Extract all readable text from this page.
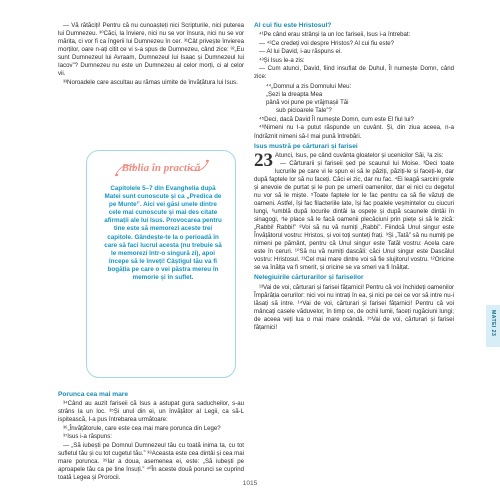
— Vă rătăciți! Pentru că nu cunoașteți nici Scripturile, nici puterea lui Dumnezeu. ³⁰Căci, la înviere, nici nu se vor însura, nici nu se vor mărita, ci vor fi ca îngerii lui Dumnezeu în cer. ³¹Cât privește învierea morților, oare n-ați citit ce vi s-a spus de Dumnezeu, când zice: ³²„Eu sunt Dumnezeul lui Avraam, Dumnezeul lui Isaac și Dumnezeul lui Iacov”? Dumnezeu nu este un Dumnezeu al celor morți, ci al celor vii.

³³Noroadele care ascultau au rămas uimite de învățătura lui Isus.

Biblia în practică
Capitolele 5–7 din Evanghelia după Matei sunt cunoscute și ca „Predica de pe Munte”. Aici vei găsi unele dintre cele mai cunoscute și mai des citate afirmații ale lui Isus. Provocarea pentru tine este să memorezi aceste trei capitole. Gândește-te la o perioadă în care să faci lucrul acesta (nu trebuie să le memorezi într-o singură zi), apoi începe să le înveți! Câștigul tău va fi bogăția pe care o vei păstra mereu în memorie și în suflet.
Porunca cea mai mare

³⁴Când au auzit fariseii că Isus a astupat gura saducheilor, s-au strâns la un loc. ³⁵Și unul din ei, un învățător al Legii, ca să-L ispitească, I-a pus întrebarea următoare:

³⁶„Învățătorule, care este cea mai mare porunca din Lege?

³⁷Isus i-a răspuns:

— „Să iubești pe Domnul Dumnezeul tău cu toată inima ta, cu tot sufletul tău și cu tot cugetul tău.” ³⁸Aceasta este cea dintâi și cea mai mare porunca. ³⁹Iar a doua, asemenea ei, este: „Să iubești pe aproapele tău ca pe tine însuți.” ⁴⁰În aceste două porunci se cuprind toată Legea și Prorocii.

Al cui fiu este Hristosul?

⁴¹Pe când erau strânși la un loc fariseii, Isus i-a întrebat:

— ⁴²Ce credeți voi despre Hristos? Al cui fiu este?

— Al lui David, i-au răspuns ei.

⁴³Și Isus le-a zis:

— Cum atunci, David, fiind insuflat de Duhul, Îl numește Domn, când zice:

⁴⁴„Domnul a zis Domnului Meu:
„Șezi la dreapta Mea
până voi pune pe vrăjmașii Tăi
sub picioarele Tale”?

⁴⁵Deci, dacă David Îl numește Domn, cum este El fiul lui?

⁴⁶Nimeni nu I-a putut răspunde un cuvânt. Și, din ziua aceea, n-a îndrăznit nimeni să-I mai pună întrebări.

Isus mustră pe cărturari și farisei
23 Atunci, Isus, pe când cuvânta gloatelor și ucenicilor Săi, ²a zis:

— Cărturarii și fariseii șed pe scaunul lui Moise. ³Deci toate lucrurile pe care vi le spun ei să le păziți, păziți-le și faceți-le, dar după faptele lor să nu faceți. Căci ei zic, dar nu fac. ⁴Ei leagă sarcini grele și anevoie de purtat și le pun pe umerii oamenilor, dar ei nici cu degetul nu vor să le miște. ⁵Toate faptele lor le fac pentru ca să fie văzuți de oameni. Astfel, își fac filacteriile late, își fac poalele veșmintelor cu ciucuri lungi, ⁶umblă după locurile dintâi la ospețe și după scaunele dintâi în sinagogi, ⁷le place să le facă oamenii plecăciuni prin piețe și să le zică: „Rabbi! Rabbi!” ⁸Voi să nu vă numiți „Rabbi”. Fiindcă Unul singur este Învățătorul vostru: Hristos, și voi toți sunteți frați. ⁹Și „Tată” să nu numiți pe nimeni pe pământ, pentru că Unul singur este Tatăl vostru: Acela care este în ceruri. ¹⁰Să nu vă numiți dascăli: căci Unul singur este Dascălul vostru: Hristosul. ¹¹Cel mai mare dintre voi să fie slujitorul vostru. ¹²Oricine se va înălța va fi smerit, și oricine se va smeri va fi înălțat.

Nelegiuirile cărturarilor și fariseilor

¹³Vai de voi, cărturari și farisei fățarnici! Pentru că voi închideți oamenilor Împărăția cerurilor: nici voi nu intrați în ea, și nici pe cei ce vor să intre nu-i lăsați să intre. ¹⁴Vai de voi, cărturari și farisei fățarnici! Pentru că voi mâncați casele văduvelor, în timp ce, de ochii lumii, faceți rugăciuni lungi; de aceea veți lua o mai mare osândă. ¹⁵Vai de voi, cărturari și farisei fățarnici!	MATEI 23
1015
